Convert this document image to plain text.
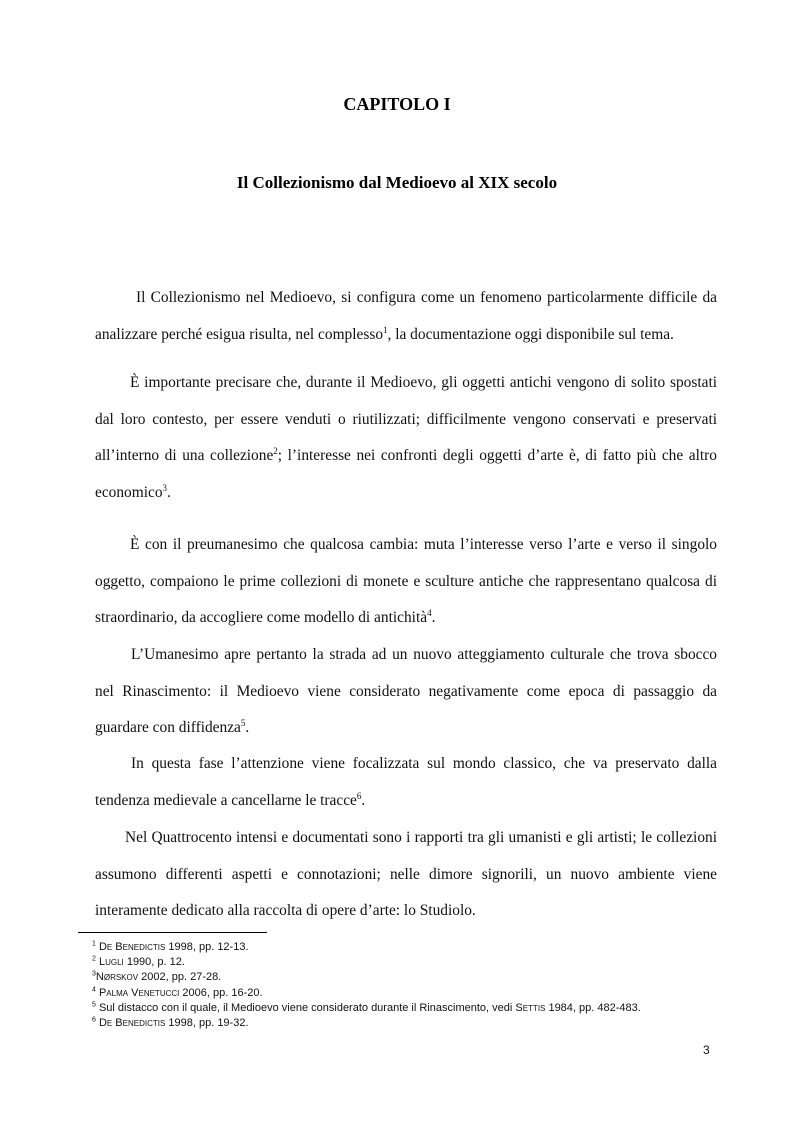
CAPITOLO I
Il Collezionismo dal Medioevo al XIX secolo

Il Collezionismo nel Medioevo, si configura come un fenomeno particolarmente difficile da analizzare perché esigua risulta, nel complesso$^1$, la documentazione oggi disponibile sul tema.

È importante precisare che, durante il Medioevo, gli oggetti antichi vengono di solito spostati dal loro contesto, per essere venduti o riutilizzati; difficilmente vengono conservati e preservati all’interno di una collezione$^2$; l’interesse nei confronti degli oggetti d’arte è, di fatto più che altro economico$^3$.

È con il preumanesimo che qualcosa cambia: muta l’interesse verso l’arte e verso il singolo oggetto, compaiono le prime collezioni di monete e sculture antiche che rappresentano qualcosa di straordinario, da accogliere come modello di antichità$^4$.

L’Umanesimo apre pertanto la strada ad un nuovo atteggiamento culturale che trova sbocco nel Rinascimento: il Medioevo viene considerato negativamente come epoca di passaggio da guardare con diffidenza$^5$.

In questa fase l’attenzione viene focalizzata sul mondo classico, che va preservato dalla tendenza medievale a cancellarne le tracce$^6$.

Nel Quattrocento intensi e documentati sono i rapporti tra gli umanisti e gli artisti; le collezioni assumono differenti aspetti e connotazioni; nelle dimore signorili, un nuovo ambiente viene interamente dedicato alla raccolta di opere d’arte: lo Studiolo.

$^1$ De Benedictis 1998, pp. 12-13.
$^2$ Lugli 1990, p. 12.
$^3$Nørskov 2002, pp. 27-28.
$^4$ Palma Venetucci 2006, pp. 16-20.
$^5$ Sul distacco con il quale, il Medioevo viene considerato durante il Rinascimento, vedi Settis 1984, pp. 482-483.
$^6$ De Benedictis 1998, pp. 19-32.
3
